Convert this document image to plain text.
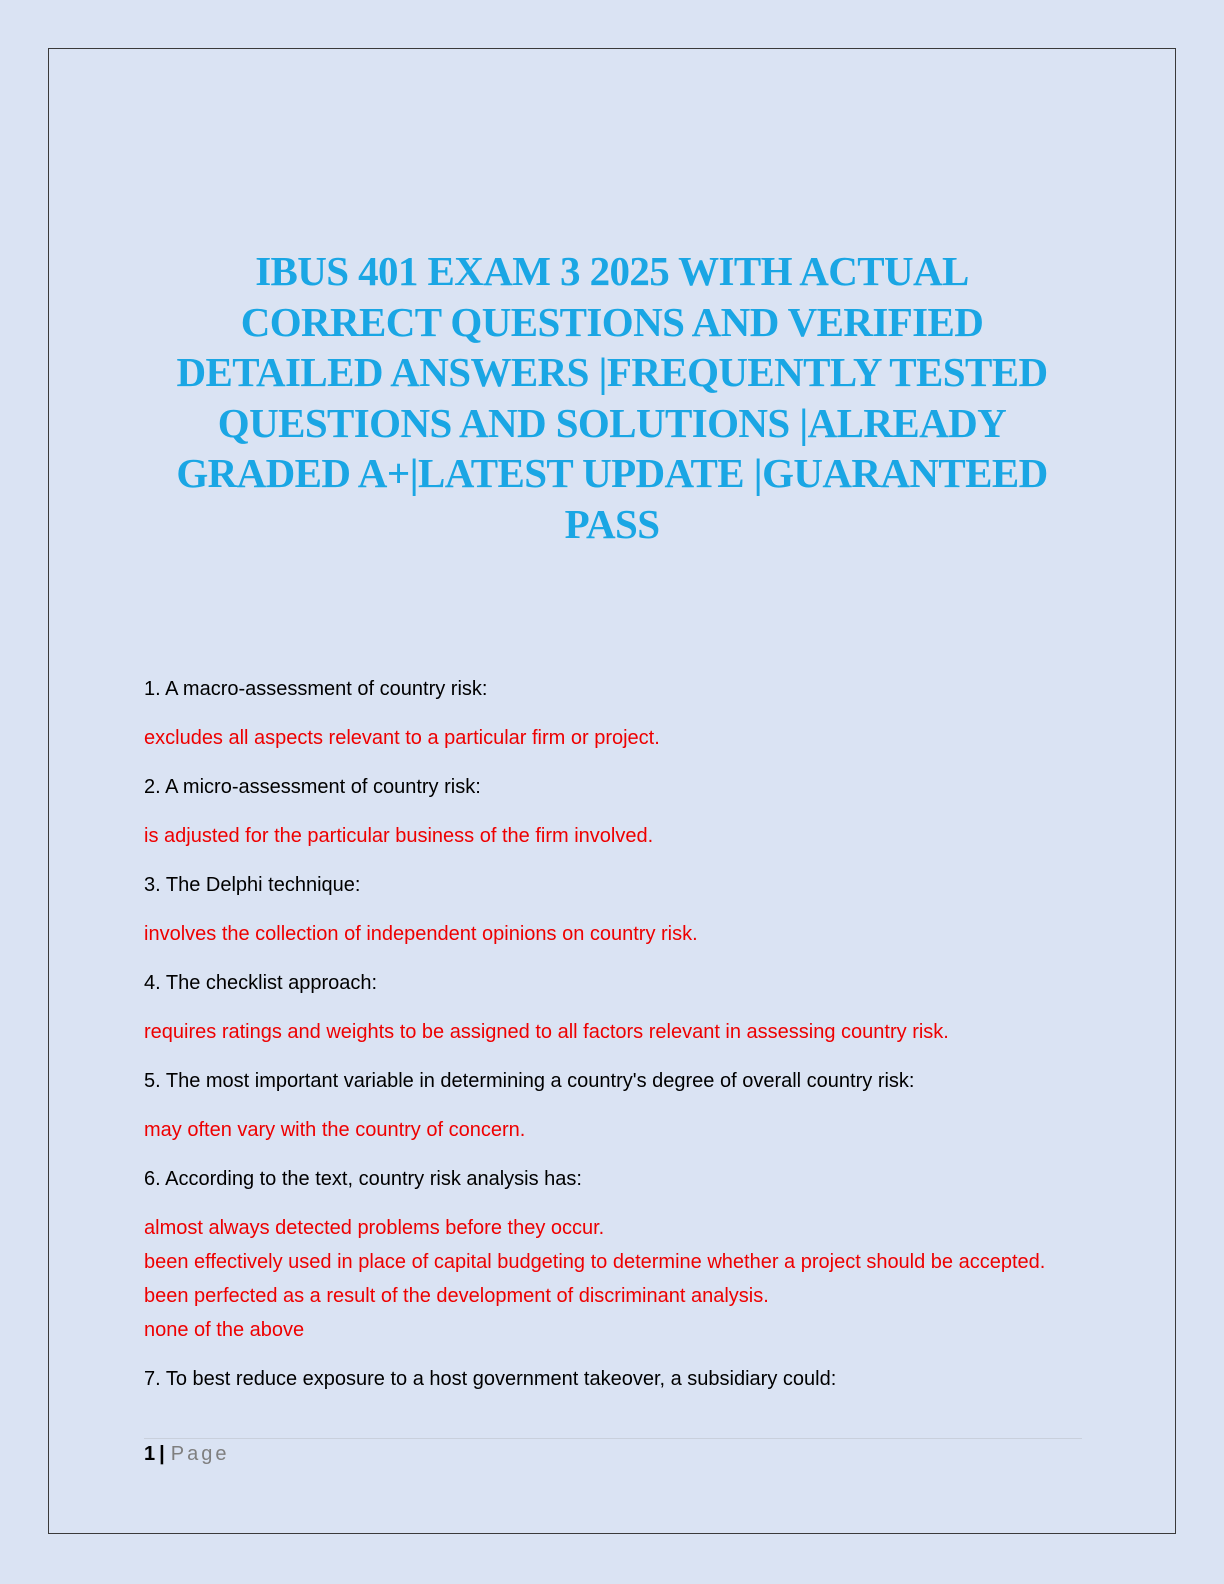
IBUS 401 EXAM 3 2025 WITH ACTUAL
CORRECT QUESTIONS AND VERIFIED
DETAILED ANSWERS |FREQUENTLY TESTED
QUESTIONS AND SOLUTIONS |ALREADY
GRADED A+|LATEST UPDATE |GUARANTEED
PASS
1. A macro-assessment of country risk:
excludes all aspects relevant to a particular firm or project.
2. A micro-assessment of country risk:
is adjusted for the particular business of the firm involved.
3. The Delphi technique:
involves the collection of independent opinions on country risk.
4. The checklist approach:
requires ratings and weights to be assigned to all factors relevant in assessing country risk.
5. The most important variable in determining a country's degree of overall country risk:
may often vary with the country of concern.
6. According to the text, country risk analysis has:
almost always detected problems before they occur.
been effectively used in place of capital budgeting to determine whether a project should be accepted.
been perfected as a result of the development of discriminant analysis.
none of the above
7. To best reduce exposure to a host government takeover, a subsidiary could:
1 | Page
